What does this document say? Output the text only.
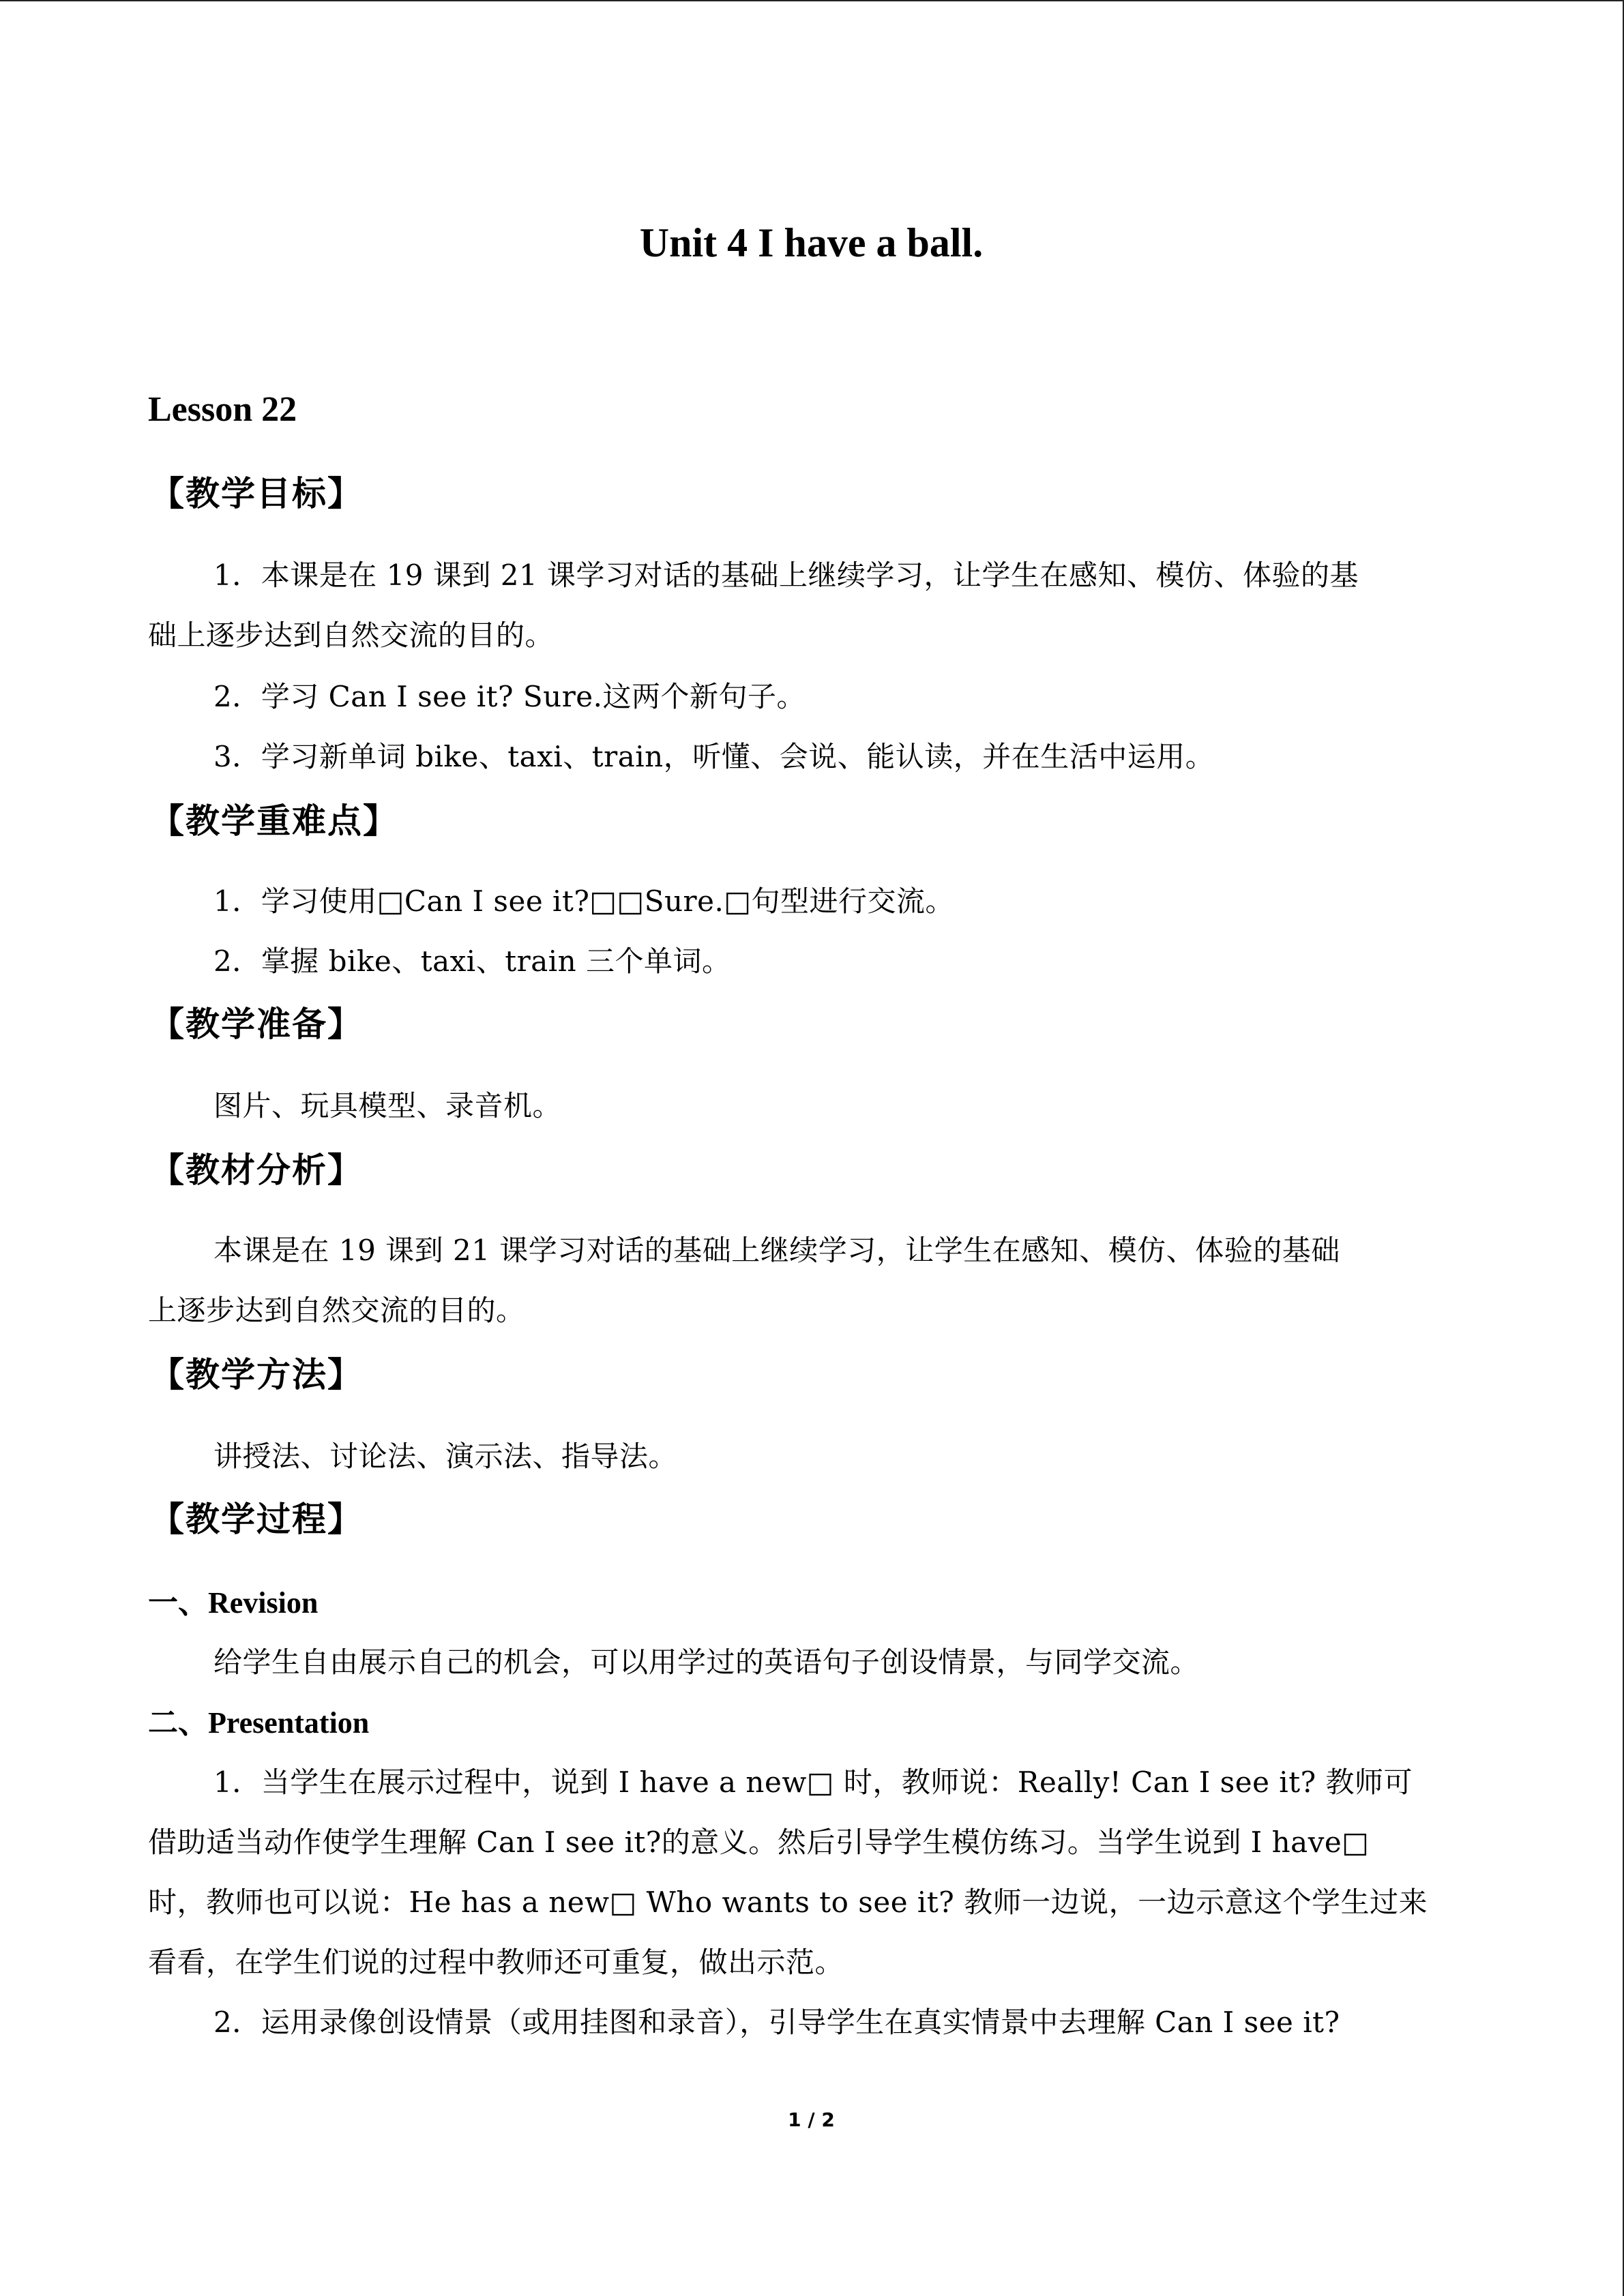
Unit 4 I have a ball.
Lesson 22
【教学目标】
1．本课是在 19 课到 21 课学习对话的基础上继续学习，让学生在感知、模仿、体验的基
础上逐步达到自然交流的目的。
2．学习 Can I see it? Sure.这两个新句子。
3．学习新单词 bike、taxi、train，听懂、会说、能认读，并在生活中运用。
【教学重难点】
1．学习使用□Can I see it?□□Sure.□句型进行交流。
2．掌握 bike、taxi、train 三个单词。
【教学准备】
图片、玩具模型、录音机。
【教材分析】
本课是在 19 课到 21 课学习对话的基础上继续学习，让学生在感知、模仿、体验的基础
上逐步达到自然交流的目的。
【教学方法】
讲授法、讨论法、演示法、指导法。
【教学过程】
一、Revision
给学生自由展示自己的机会，可以用学过的英语句子创设情景，与同学交流。
二、Presentation
1．当学生在展示过程中，说到 I have a new□ 时，教师说：Really! Can I see it? 教师可
借助适当动作使学生理解 Can I see it?的意义。然后引导学生模仿练习。当学生说到 I have□
时，教师也可以说：He has a new□ Who wants to see it? 教师一边说，一边示意这个学生过来
看看，在学生们说的过程中教师还可重复，做出示范。
2．运用录像创设情景（或用挂图和录音），引导学生在真实情景中去理解 Can I see it?
1 / 2
